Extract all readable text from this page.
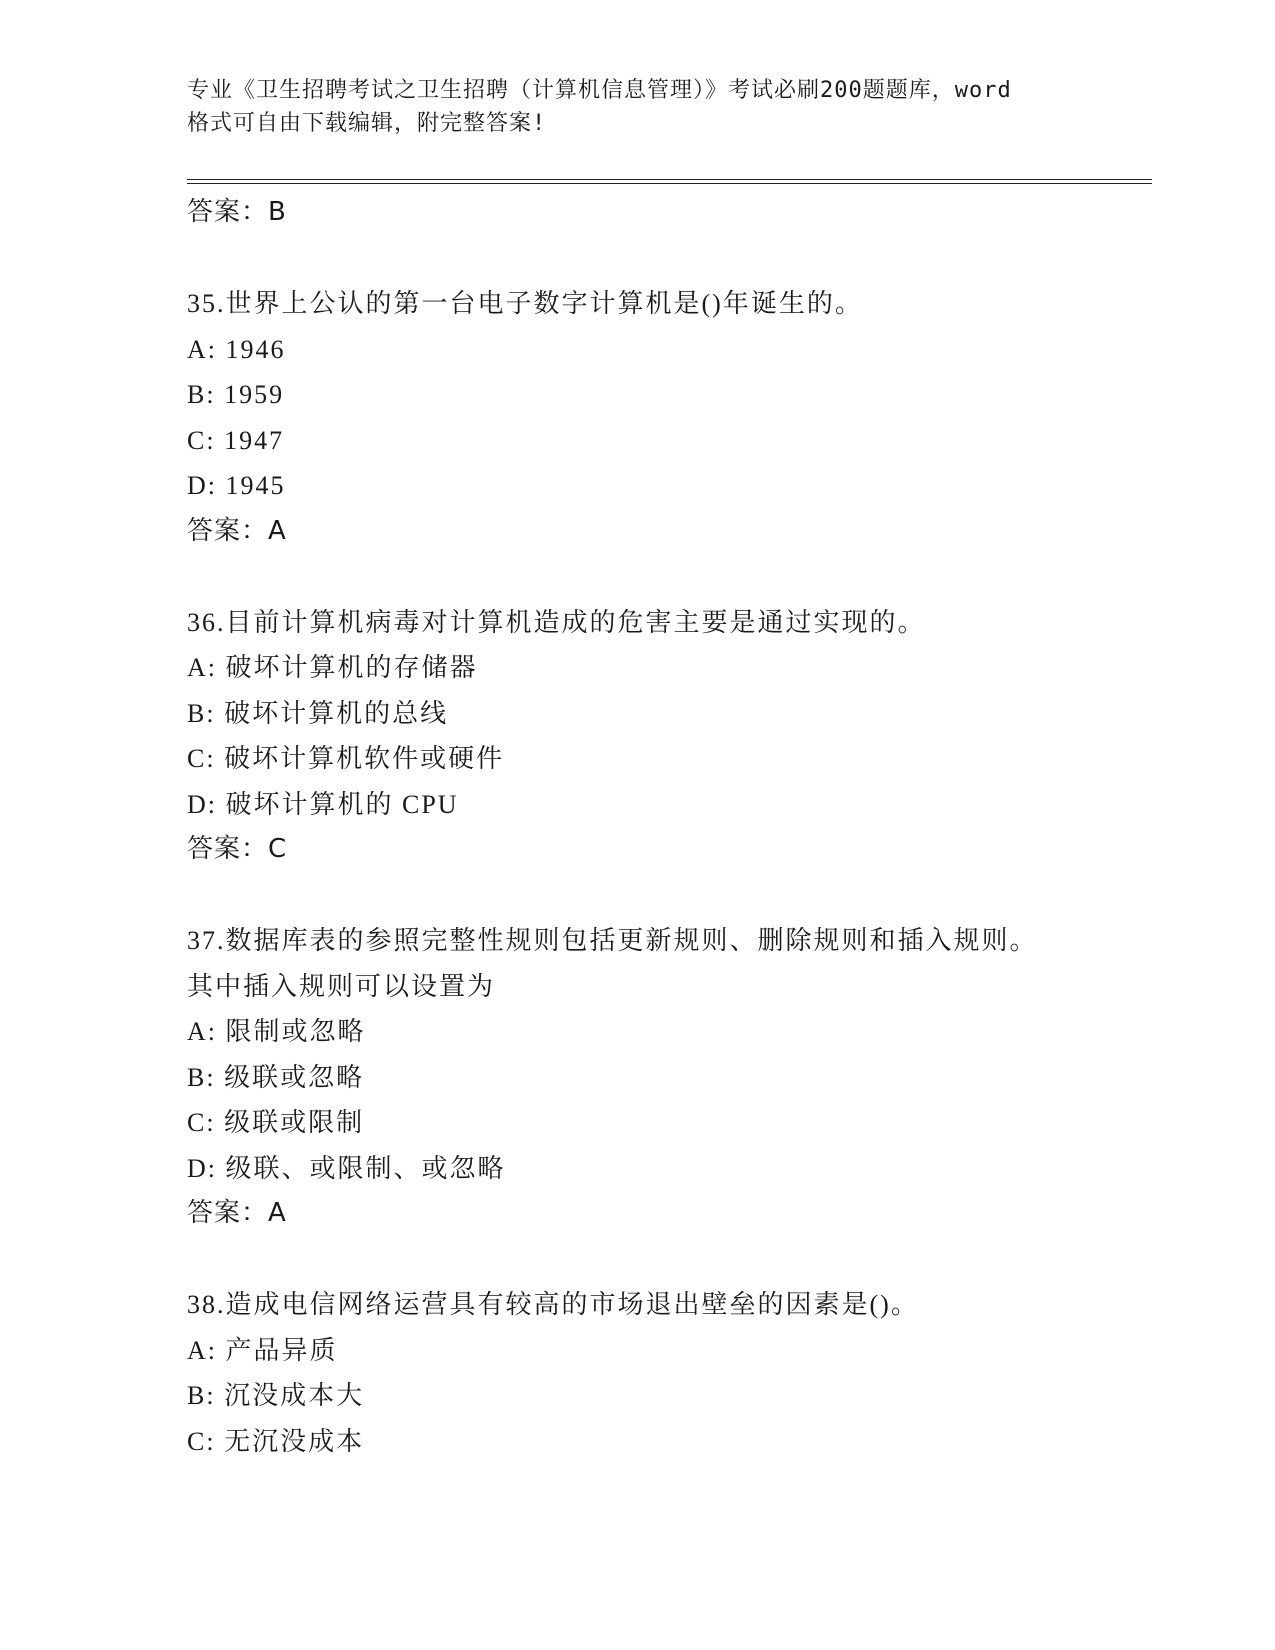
专业《卫生招聘考试之卫生招聘（计算机信息管理）》考试必刷200题题库，word
格式可自由下载编辑，附完整答案!
答案：B
35.世界上公认的第一台电子数字计算机是()年诞生的。
A: 1946
B: 1959
C: 1947
D: 1945
答案：A
36.目前计算机病毒对计算机造成的危害主要是通过实现的。
A: 破坏计算机的存储器
B: 破坏计算机的总线
C: 破坏计算机软件或硬件
D: 破坏计算机的 CPU
答案：C
37.数据库表的参照完整性规则包括更新规则、删除规则和插入规则。
其中插入规则可以设置为
A: 限制或忽略
B: 级联或忽略
C: 级联或限制
D: 级联、或限制、或忽略
答案：A
38.造成电信网络运营具有较高的市场退出壁垒的因素是()。
A: 产品异质
B: 沉没成本大
C: 无沉没成本
